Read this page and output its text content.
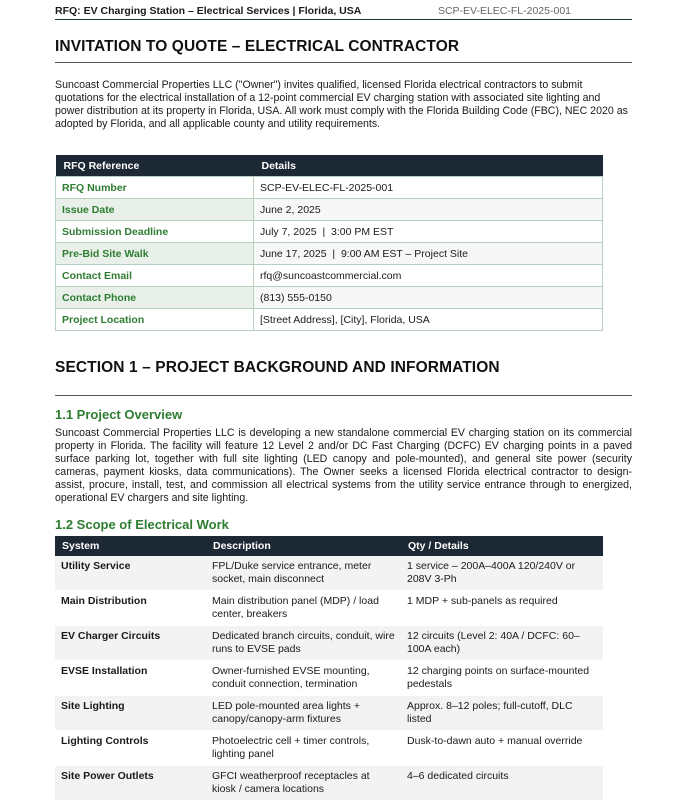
RFQ: EV Charging Station – Electrical Services | Florida, USA	SCP-EV-ELEC-FL-2025-001
INVITATION TO QUOTE – ELECTRICAL CONTRACTOR
Suncoast Commercial Properties LLC ("Owner") invites qualified, licensed Florida electrical contractors to submit quotations for the electrical installation of a 12-point commercial EV charging station with associated site lighting and power distribution at its property in Florida, USA. All work must comply with the Florida Building Code (FBC), NEC 2020 as adopted by Florida, and all applicable county and utility requirements.
RFQ Reference	Details
RFQ Number	SCP-EV-ELEC-FL-2025-001
Issue Date	June 2, 2025
Submission Deadline	July 7, 2025  |  3:00 PM EST
Pre-Bid Site Walk	June 17, 2025  |  9:00 AM EST – Project Site
Contact Email	rfq@suncoastcommercial.com
Contact Phone	(813) 555-0150
Project Location	[Street Address], [City], Florida, USA
SECTION 1 – PROJECT BACKGROUND AND INFORMATION
1.1 Project Overview
Suncoast Commercial Properties LLC is developing a new standalone commercial EV charging station on its commercial property in Florida. The facility will feature 12 Level 2 and/or DC Fast Charging (DCFC) EV charging points in a paved surface parking lot, together with full site lighting (LED canopy and pole-mounted), and general site power (security cameras, payment kiosks, data communications). The Owner seeks a licensed Florida electrical contractor to design-assist, procure, install, test, and commission all electrical systems from the utility service entrance through to energized, operational EV chargers and site lighting.
1.2 Scope of Electrical Work
System	Description	Qty / Details
Utility Service	FPL/Duke service entrance, meter socket, main disconnect	1 service – 200A–400A 120/240V or 208V 3-Ph
Main Distribution	Main distribution panel (MDP) / load center, breakers	1 MDP + sub-panels as required
EV Charger Circuits	Dedicated branch circuits, conduit, wire runs to EVSE pads	12 circuits (Level 2: 40A / DCFC: 60–100A each)
EVSE Installation	Owner-furnished EVSE mounting, conduit connection, termination	12 charging points on surface-mounted pedestals
Site Lighting	LED pole-mounted area lights + canopy/canopy-arm fixtures	Approx. 8–12 poles; full-cutoff, DLC listed
Lighting Controls	Photoelectric cell + timer controls, lighting panel	Dusk-to-dawn auto + manual override
Site Power Outlets	GFCI weatherproof receptacles at kiosk / camera locations	4–6 dedicated circuits
